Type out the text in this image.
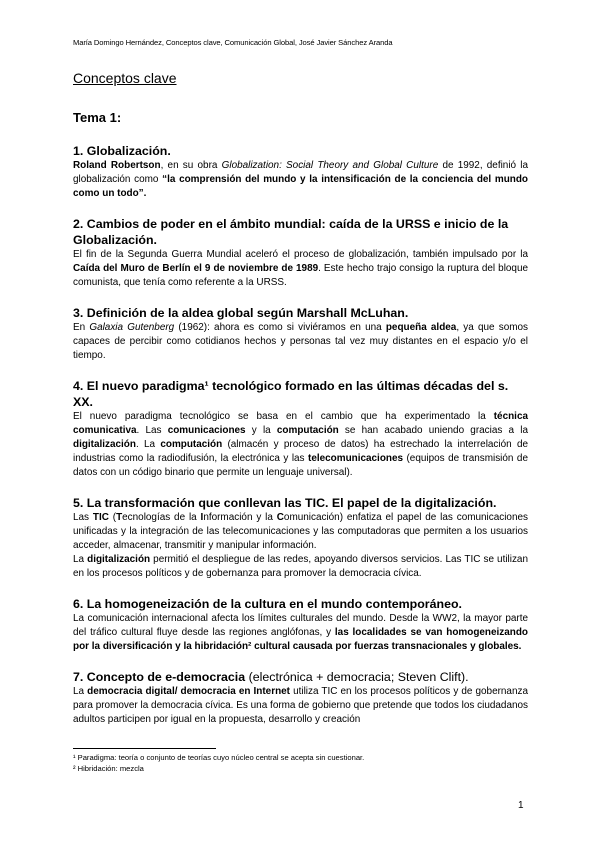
María Domingo Hernández, Conceptos clave, Comunicación Global, José Javier Sánchez Aranda
Conceptos clave
Tema 1:
1. Globalización.

Roland Robertson, en su obra Globalization: Social Theory and Global Culture de 1992, definió la globalización como “la comprensión del mundo y la intensificación de la conciencia del mundo como un todo”.

2. Cambios de poder en el ámbito mundial: caída de la URSS e inicio de la Globalización.

El fin de la Segunda Guerra Mundial aceleró el proceso de globalización, también impulsado por la Caída del Muro de Berlín el 9 de noviembre de 1989. Este hecho trajo consigo la ruptura del bloque comunista, que tenía como referente a la URSS.

3. Definición de la aldea global según Marshall McLuhan.

En Galaxia Gutenberg (1962): ahora es como si viviéramos en una pequeña aldea, ya que somos capaces de percibir como cotidianos hechos y personas tal vez muy distantes en el espacio y/o el tiempo.

4. El nuevo paradigma¹ tecnológico formado en las últimas décadas del s. XX.

El nuevo paradigma tecnológico se basa en el cambio que ha experimentado la técnica comunicativa. Las comunicaciones y la computación se han acabado uniendo gracias a la digitalización. La computación (almacén y proceso de datos) ha estrechado la interrelación de industrias como la radiodifusión, la electrónica y las telecomunicaciones (equipos de transmisión de datos con un código binario que permite un lenguaje universal).

5. La transformación que conllevan las TIC. El papel de la digitalización.

Las TIC (Tecnologías de la Información y la Comunicación) enfatiza el papel de las comunicaciones unificadas y la integración de las telecomunicaciones y las computadoras que permiten a los usuarios acceder, almacenar, transmitir y manipular información.
La digitalización permitió el despliegue de las redes, apoyando diversos servicios. Las TIC se utilizan en los procesos políticos y de gobernanza para promover la democracia cívica.

6. La homogeneización de la cultura en el mundo contemporáneo.

La comunicación internacional afecta los límites culturales del mundo. Desde la WW2, la mayor parte del tráfico cultural fluye desde las regiones anglófonas, y las localidades se van homogeneizando por la diversificación y la hibridación² cultural causada por fuerzas transnacionales y globales.

7. Concepto de e-democracia (electrónica + democracia; Steven Clift).

La democracia digital/ democracia en Internet utiliza TIC en los procesos políticos y de gobernanza para promover la democracia cívica. Es una forma de gobierno que pretende que todos los ciudadanos adultos participen por igual en la propuesta, desarrollo y creación

¹ Paradigma: teoría o conjunto de teorías cuyo núcleo central se acepta sin cuestionar.
² Hibridación: mezcla
1
